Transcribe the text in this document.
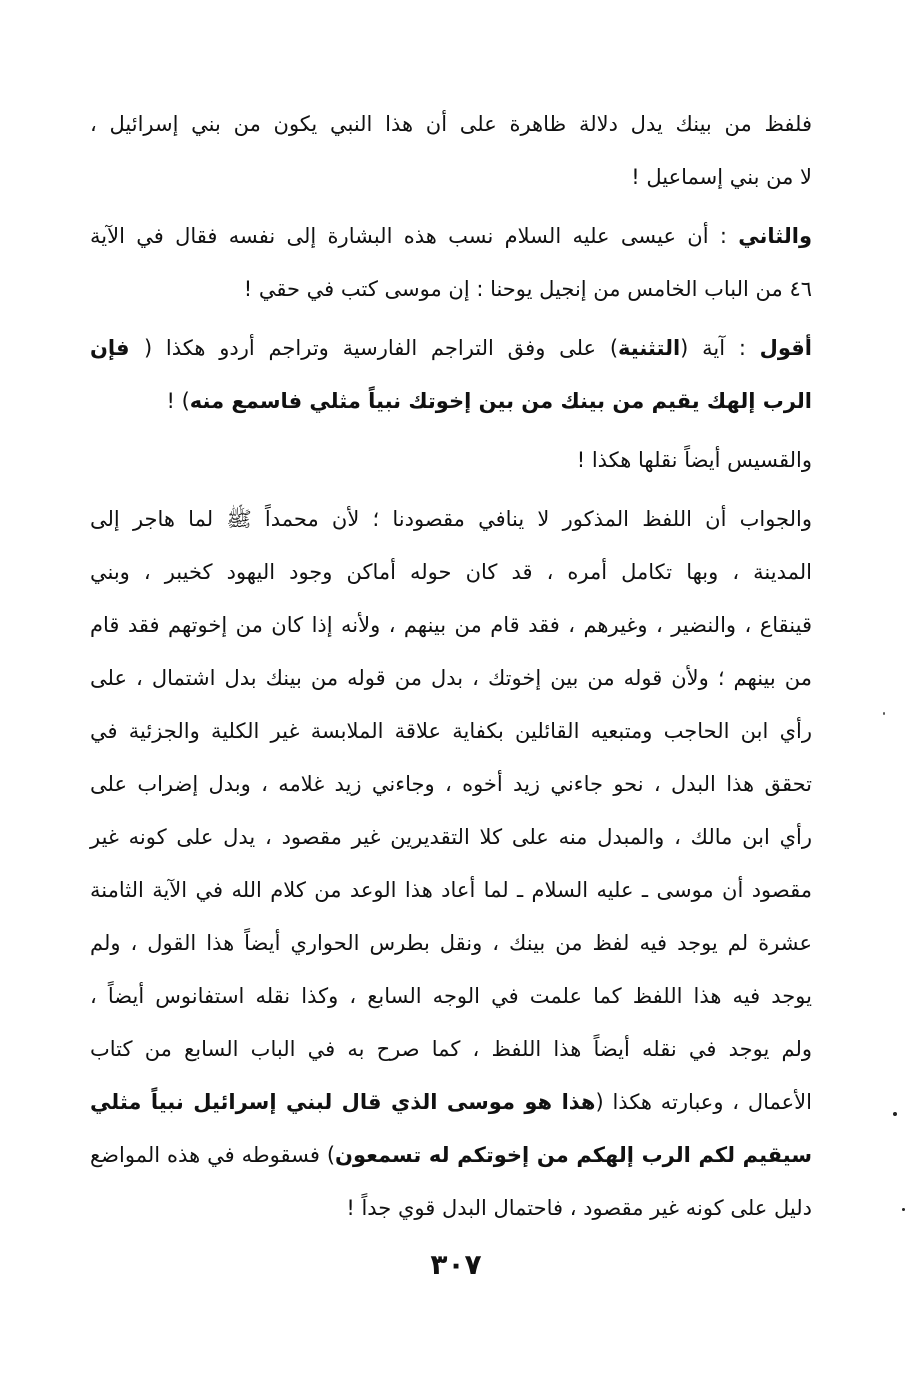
فلفظ من بينك يدل دلالة ظاهرة على أن هذا النبي يكون من بني إسرائيل ،
لا من بني إسماعيل !

والثاني : أن عيسى عليه السلام نسب هذه البشارة إلى نفسه فقال في الآية
٤٦ من الباب الخامس من إنجيل يوحنا : إن موسى كتب في حقي !

أقول : آية (التثنية) على وفق التراجم الفارسية وتراجم أردو هكذا ( فإن
الرب إلهك يقيم من بينك من بين إخوتك نبياً مثلي فاسمع منه) !

والقسيس أيضاً نقلها هكذا !

والجواب أن اللفظ المذكور لا ينافي مقصودنا ؛ لأن محمداً ﷺ لما هاجر إلى
المدينة ، وبها تكامل أمره ، قد كان حوله أماكن وجود اليهود كخيبر ، وبني
قينقاع ، والنضير ، وغيرهم ، فقد قام من بينهم ، ولأنه إذا كان من إخوتهم فقد قام
من بينهم ؛ ولأن قوله من بين إخوتك ، بدل من قوله من بينك بدل اشتمال ، على
رأي ابن الحاجب ومتبعيه القائلين بكفاية علاقة الملابسة غير الكلية والجزئية في
تحقق هذا البدل ، نحو جاءني زيد أخوه ، وجاءني زيد غلامه ، وبدل إضراب على
رأي ابن مالك ، والمبدل منه على كلا التقديرين غير مقصود ، يدل على كونه غير
مقصود أن موسى ـ عليه السلام ـ لما أعاد هذا الوعد من كلام الله في الآية الثامنة
عشرة لم يوجد فيه لفظ من بينك ، ونقل بطرس الحواري أيضاً هذا القول ، ولم
يوجد فيه هذا اللفظ كما علمت في الوجه السابع ، وكذا نقله استفانوس أيضاً ،
ولم يوجد في نقله أيضاً هذا اللفظ ، كما صرح به في الباب السابع من كتاب
الأعمال ، وعبارته هكذا (هذا هو موسى الذي قال لبني إسرائيل نبياً مثلي
سيقيم لكم الرب إلهكم من إخوتكم له تسمعون) فسقوطه في هذه المواضع
دليل على كونه غير مقصود ، فاحتمال البدل قوي جداً !

٣٠٧
